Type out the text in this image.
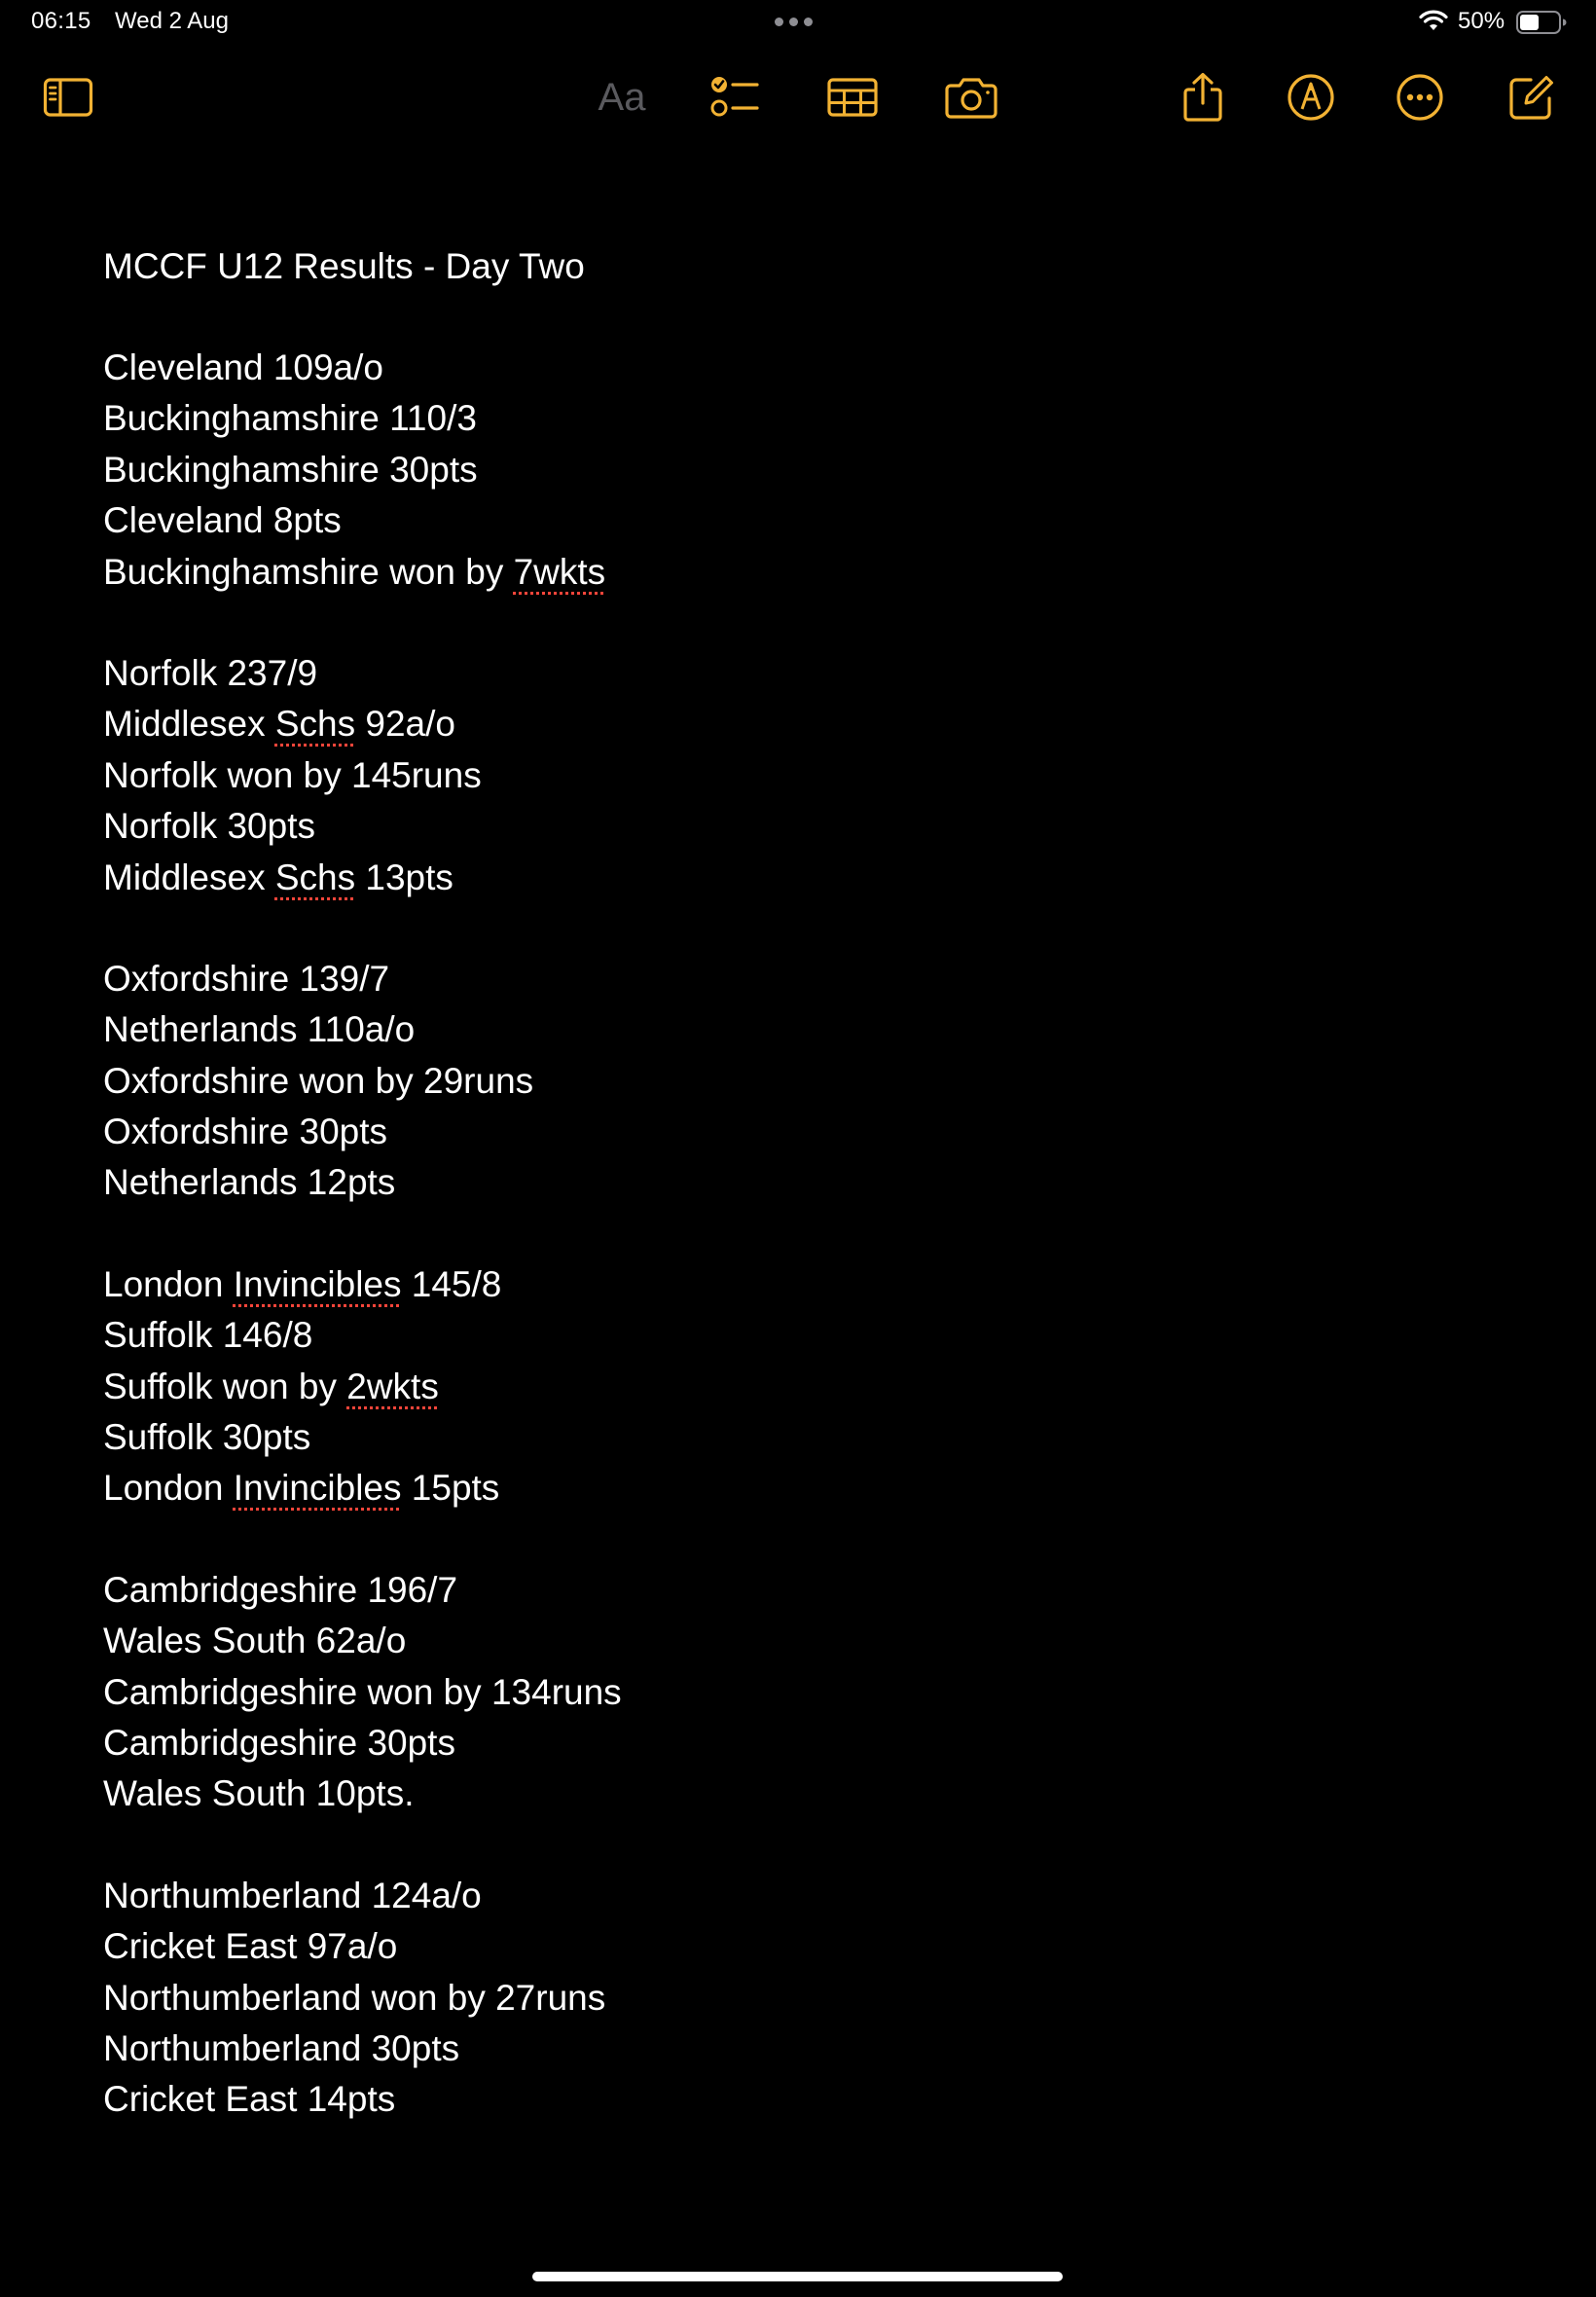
06:15 Wed 2 Aug	50%
Aa
MCCF U12 Results - Day Two
Cleveland 109a/o
Buckinghamshire 110/3
Buckinghamshire 30pts
Cleveland 8pts
Buckinghamshire won by 7wkts
Norfolk 237/9
Middlesex Schs 92a/o
Norfolk won by 145runs
Norfolk 30pts
Middlesex Schs 13pts
Oxfordshire 139/7
Netherlands 110a/o
Oxfordshire won by 29runs
Oxfordshire 30pts
Netherlands 12pts
London Invincibles 145/8
Suffolk 146/8
Suffolk won by 2wkts
Suffolk 30pts
London Invincibles 15pts
Cambridgeshire 196/7
Wales South 62a/o
Cambridgeshire won by 134runs
Cambridgeshire 30pts
Wales South 10pts.
Northumberland 124a/o
Cricket East 97a/o
Northumberland won by 27runs
Northumberland 30pts
Cricket East 14pts
